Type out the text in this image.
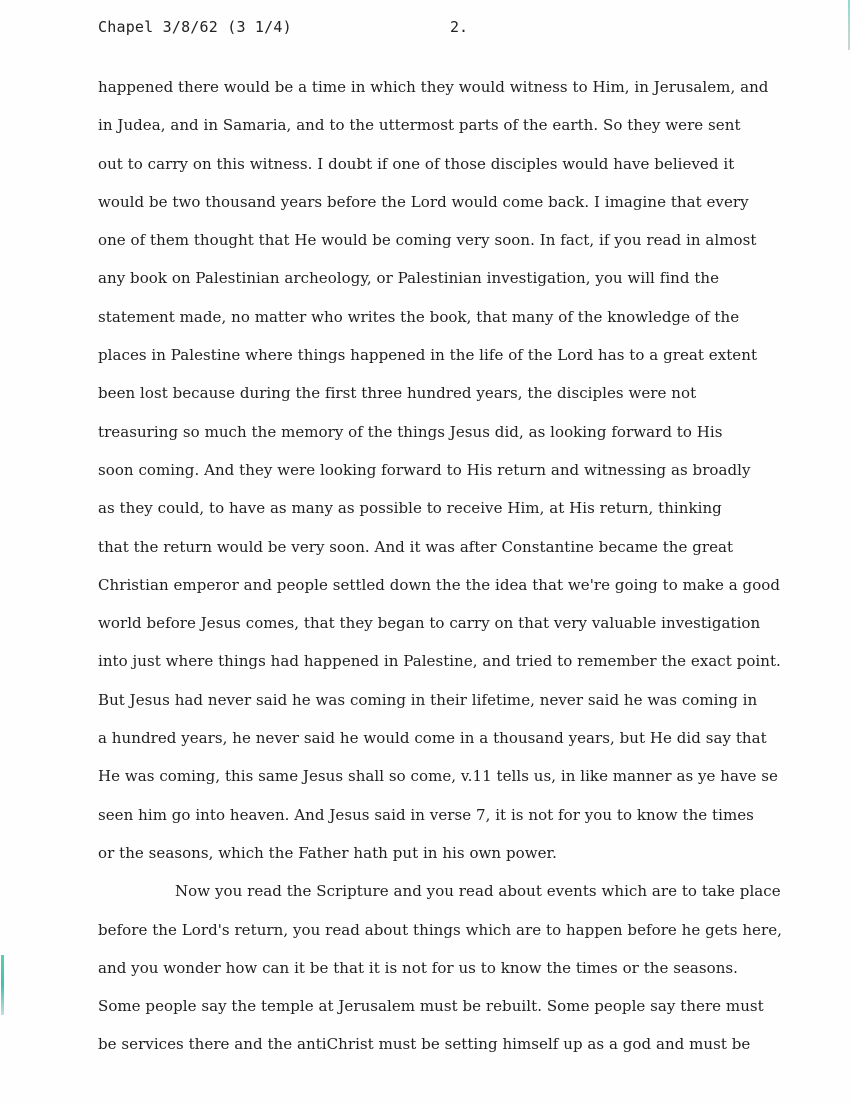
Chapel 3/8/62 (3 1/4)	2.
happened there would be a time in which they would witness to Him, in Jerusalem, and
in Judea, and in Samaria, and to the uttermost parts of the earth. So they were sent
out to carry on this witness. I doubt if one of those disciples would have believed it
would be two thousand years before the Lord would come back. I imagine that every
one of them thought that He would be coming very soon. In fact, if you read in almost
any book on Palestinian archeology, or Palestinian investigation, you will find the
statement made, no matter who writes the book, that many of the knowledge of the
places in Palestine where things happened in the life of the Lord has to a great extent
been lost because during the first three hundred years, the disciples were not
treasuring so much the memory of the things Jesus did, as looking forward to His
soon coming. And they were looking forward to His return and witnessing as broadly
as they could, to have as many as possible to receive Him, at His return, thinking
that the return would be very soon. And it was after Constantine became the great
Christian emperor and people settled down the the idea that we're going to make a good
world before Jesus comes, that they began to carry on that very valuable investigation
into just where things had happened in Palestine, and tried to remember the exact point.
But Jesus had never said he was coming in their lifetime, never said he was coming in
a hundred years, he never said he would come in a thousand years, but He did say that
He was coming, this same Jesus shall so come, v.11 tells us, in like manner as ye have se
seen him go into heaven. And Jesus said in verse 7, it is not for you to know the times
or the seasons, which the Father hath put in his own power.
Now you read the Scripture and you read about events which are to take place
before the Lord's return, you read about things which are to happen before he gets here,
and you wonder how can it be that it is not for us to know the times or the seasons.
Some people say the temple at Jerusalem must be rebuilt. Some people say there must
be services there and the antiChrist must be setting himself up as a god and must be
